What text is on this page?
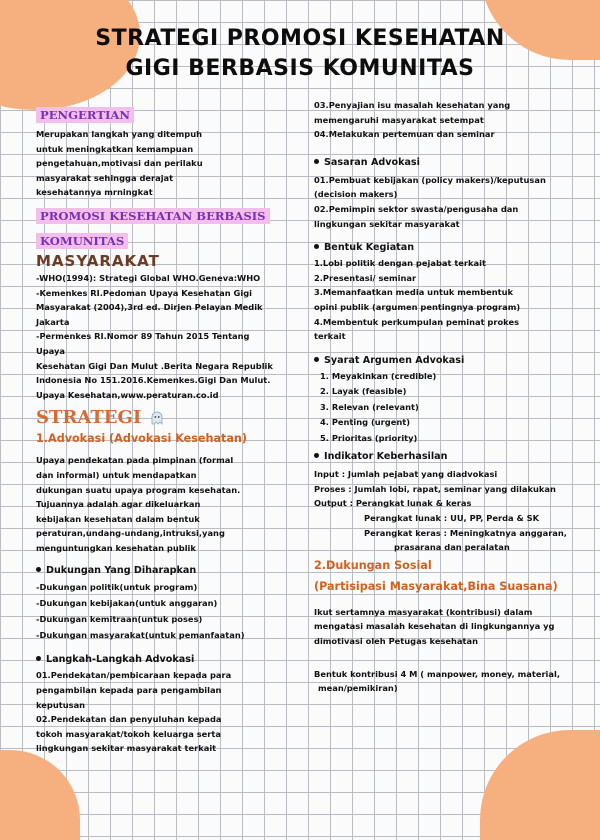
STRATEGI PROMOSI KESEHATAN
GIGI BERBASIS KOMUNITAS
PENGERTIAN
Merupakan langkah yang ditempuh
untuk meningkatkan kemampuan
pengetahuan,motivasi dan perilaku
masyarakat sehingga derajat
kesehatannya mrningkat
PROMOSI KESEHATAN BERBASIS
KOMUNITAS
MASYARAKAT
-WHO(1994): Strategi Global WHO.Geneva:WHO
-Kemenkes RI.Pedoman Upaya Kesehatan Gigi
Masyarakat (2004),3rd ed. Dirjen Pelayan Medik
Jakarta
-Permenkes RI.Nomor 89 Tahun 2015 Tentang
Upaya
Kesehatan Gigi Dan Mulut .Berita Negara Republik
Indonesia No 151.2016.Kemenkes.Gigi Dan Mulut.
Upaya Kesehatan,www.peraturan.co.id
STRATEGI
1.Advokasi (Advokasi Kesehatan)
Upaya pendekatan pada pimpinan (formal
dan informal) untuk mendapatkan
dukungan suatu upaya program kesehatan.
Tujuannya adalah agar dikeluarkan
kebijakan kesehatan dalam bentuk
peraturan,undang-undang,intruksi,yang
menguntungkan kesehatan publik
Dukungan Yang Diharapkan
-Dukungan politik(untuk program)
-Dukungan kebijakan(untuk anggaran)
-Dukungan kemitraan(untuk poses)
-Dukungan masyarakat(untuk pemanfaatan)
Langkah-Langkah Advokasi
01.Pendekatan/pembicaraan kepada para
pengambilan kepada para pengambilan
keputusan
02.Pendekatan dan penyuluhan kepada
tokoh masyarakat/tokoh keluarga serta
lingkungan sekitar masyarakat terkait
03.Penyajian isu masalah kesehatan yang
memengaruhi masyarakat setempat
04.Melakukan pertemuan dan seminar
Sasaran Advokasi
01.Pembuat kebijakan (policy makers)/keputusan
(decision makers)
02.Pemimpin sektor swasta/pengusaha dan
lingkungan sekitar masyarakat
Bentuk Kegiatan
1.Lobi politik dengan pejabat terkait
2.Presentasi/ seminar
3.Memanfaatkan media untuk membentuk
opini publik (argumen pentingnya program)
4.Membentuk perkumpulan peminat prokes
terkait
Syarat Argumen Advokasi
1. Meyakinkan (credible)
2. Layak (feasible)
3. Relevan (relevant)
4. Penting (urgent)
5. Prioritas (priority)
Indikator Keberhasilan
Input : Jumlah pejabat yang diadvokasi
Proses : Jumlah lobi, rapat, seminar yang dilakukan
Output : Perangkat lunak & keras
Perangkat lunak : UU, PP, Perda & SK
Perangkat keras : Meningkatnya anggaran,
prasarana dan peralatan
2.Dukungan Sosial
(Partisipasi Masyarakat,Bina Suasana)
Ikut sertamnya masyarakat (kontribusi) dalam
mengatasi masalah kesehatan di lingkungannya yg
dimotivasi oleh Petugas kesehatan
Bentuk kontribusi 4 M ( manpower, money, material,
mean/pemikiran)
